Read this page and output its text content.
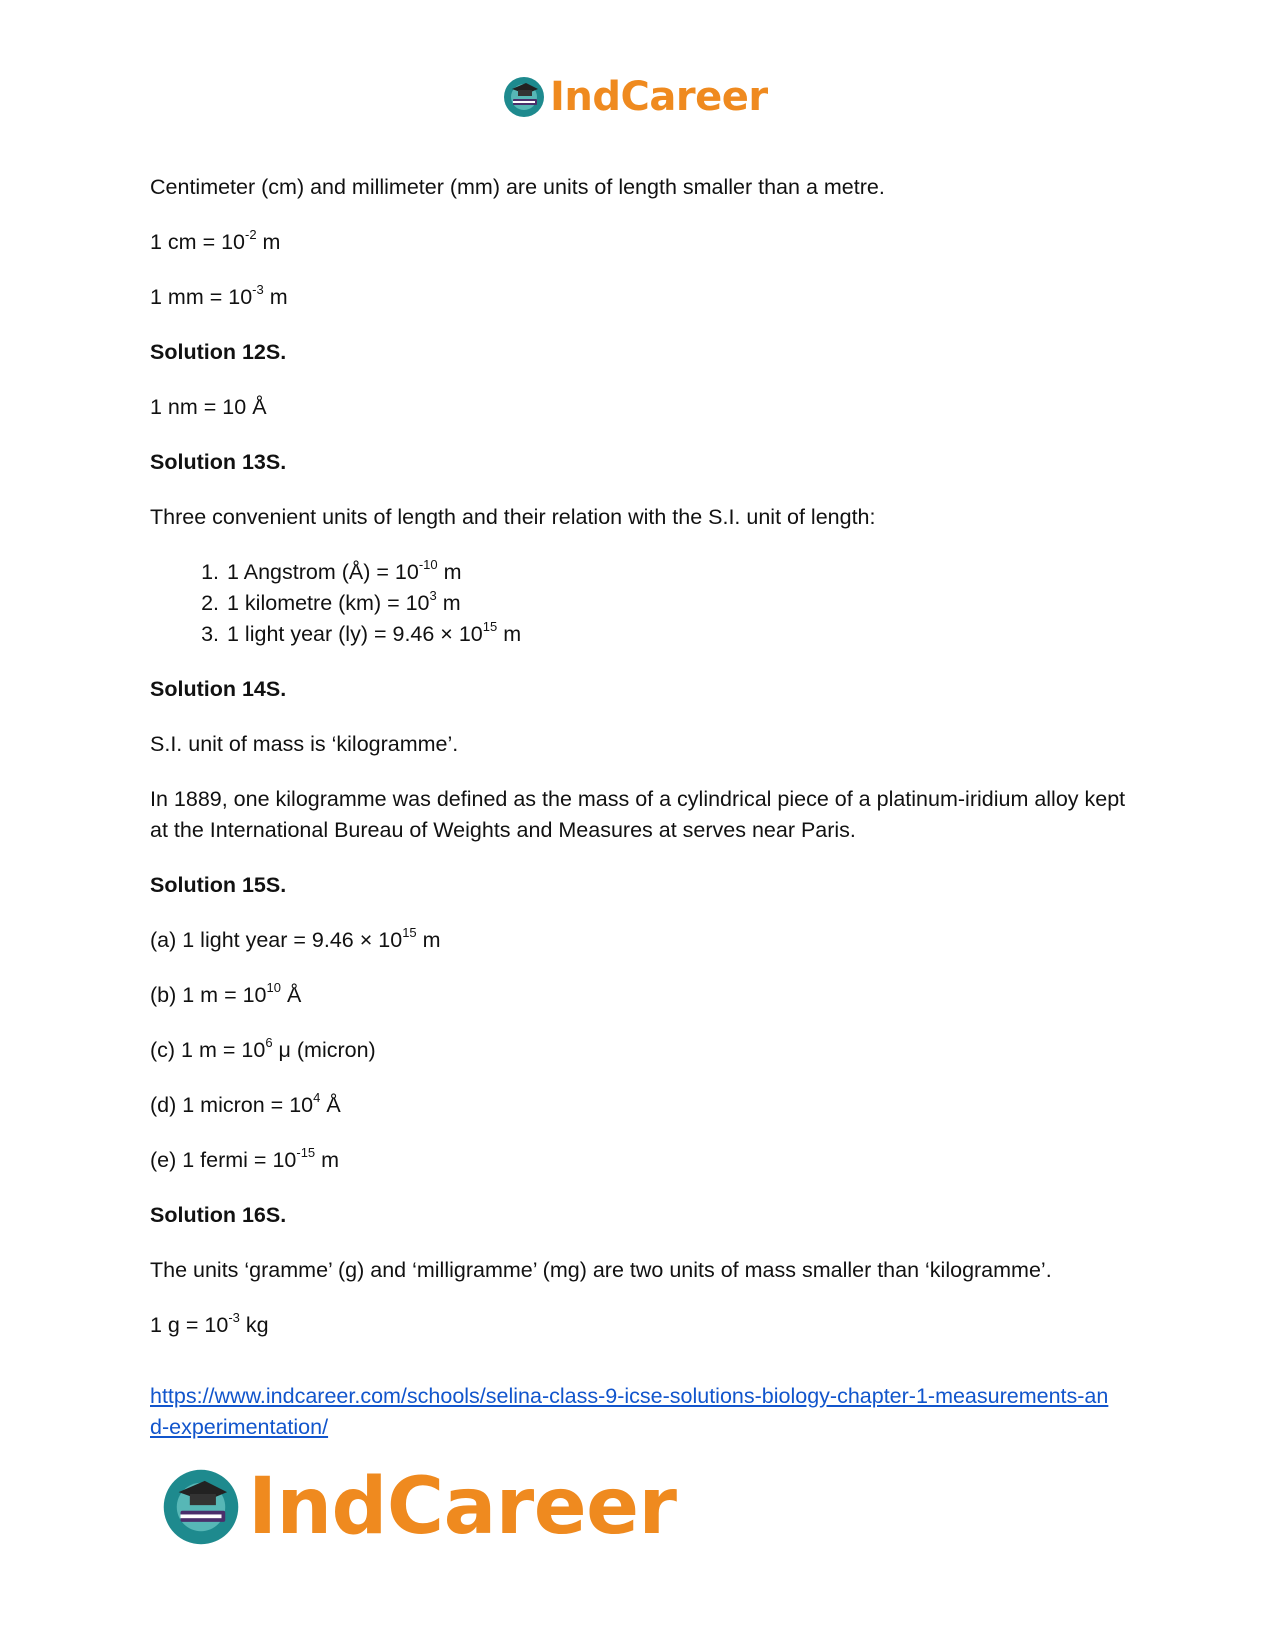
IndCareer

Centimeter (cm) and millimeter (mm) are units of length smaller than a metre.

1 cm = $10^{-2}$ m

1 mm = $10^{-3}$ m

Solution 12S.

1 nm = 10 Å

Solution 13S.

Three convenient units of length and their relation with the S.I. unit of length:

1. 1 Angstrom (Å) = $10^{-10}$ m
2. 1 kilometre $(km) = 10^3$ m
3. 1 light year $(ly) = 9.46 \times 10^{15}$ m

Solution 14S.

S.I. unit of mass is ‘kilogramme’.

In 1889, one kilogramme was defined as the mass of a cylindrical piece of a platinum-iridium alloy kept at the International Bureau of Weights and Measures at serves near Paris.

Solution 15S.

(a) 1 light year = $9.46 \times 10^{15}$ m

(b) 1 $m = 10^{10}$ Å

(c) 1 $m = 10^6$ μ (micron)

(d) 1 micron = $10^4$ Å

(e) 1 fermi = $10^{-15}$ m

Solution 16S.

The units ‘gramme’ (g) and ‘milligramme’ (mg) are two units of mass smaller than ‘kilogramme’.

1 $g = 10^{-3}$ kg

https://www.indcareer.com/schools/selina-class-9-icse-solutions-biology-chapter-1-measurements-and-experimentation/
IndCareer
